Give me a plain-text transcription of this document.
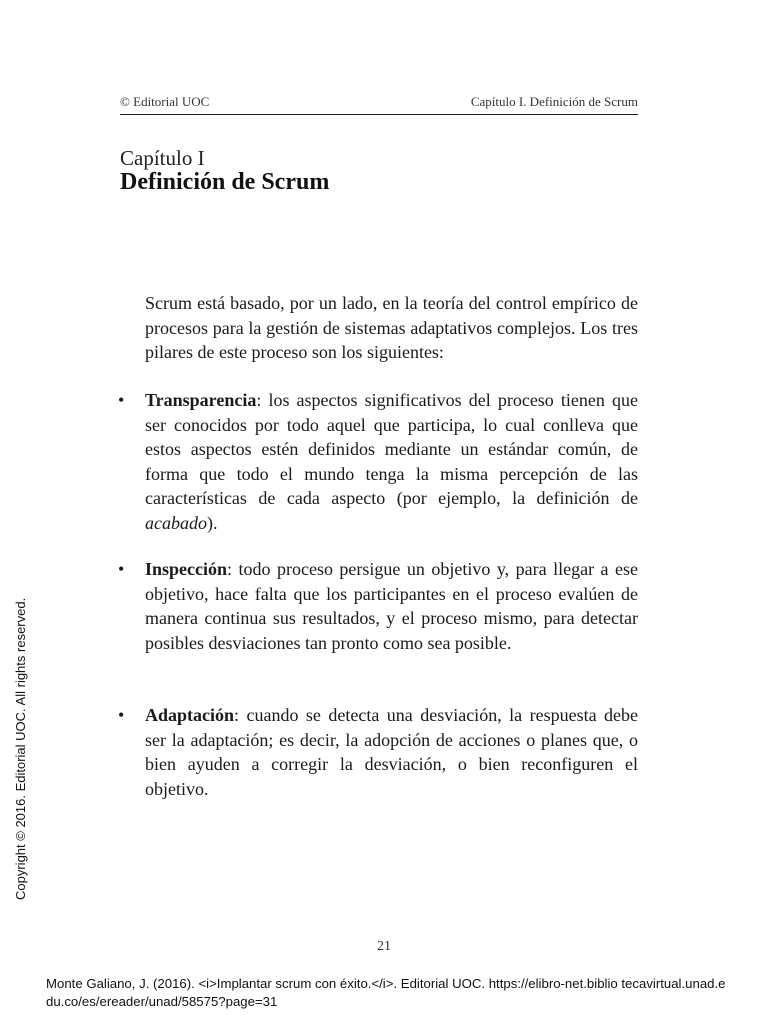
© Editorial UOC	Capítulo I. Definición de Scrum
Capítulo I
Definición de Scrum

Scrum está basado, por un lado, en la teoría del control empírico de procesos para la gestión de sistemas adaptativos complejos. Los tres pilares de este proceso son los siguientes:

• Transparencia: los aspectos significativos del proceso tienen que ser conocidos por todo aquel que participa, lo cual conlleva que estos aspectos estén definidos mediante un estándar común, de forma que todo el mundo tenga la misma percepción de las características de cada aspecto (por ejemplo, la definición de acabado).

• Inspección: todo proceso persigue un objetivo y, para llegar a ese objetivo, hace falta que los participantes en el proceso evalúen de manera continua sus resultados, y el proceso mismo, para detectar posibles desviaciones tan pronto como sea posible.

• Adaptación: cuando se detecta una desviación, la respuesta debe ser la adaptación; es decir, la adopción de acciones o planes que, o bien ayuden a corregir la desviación, o bien reconfiguren el objetivo.

21
Copyright © 2016. Editorial UOC. All rights reserved.
Monte Galiano, J. (2016). <i>Implantar scrum con éxito.</i>. Editorial UOC. https://elibro-net.biblio tecavirtual.unad.edu.co/es/ereader/unad/58575?page=31
